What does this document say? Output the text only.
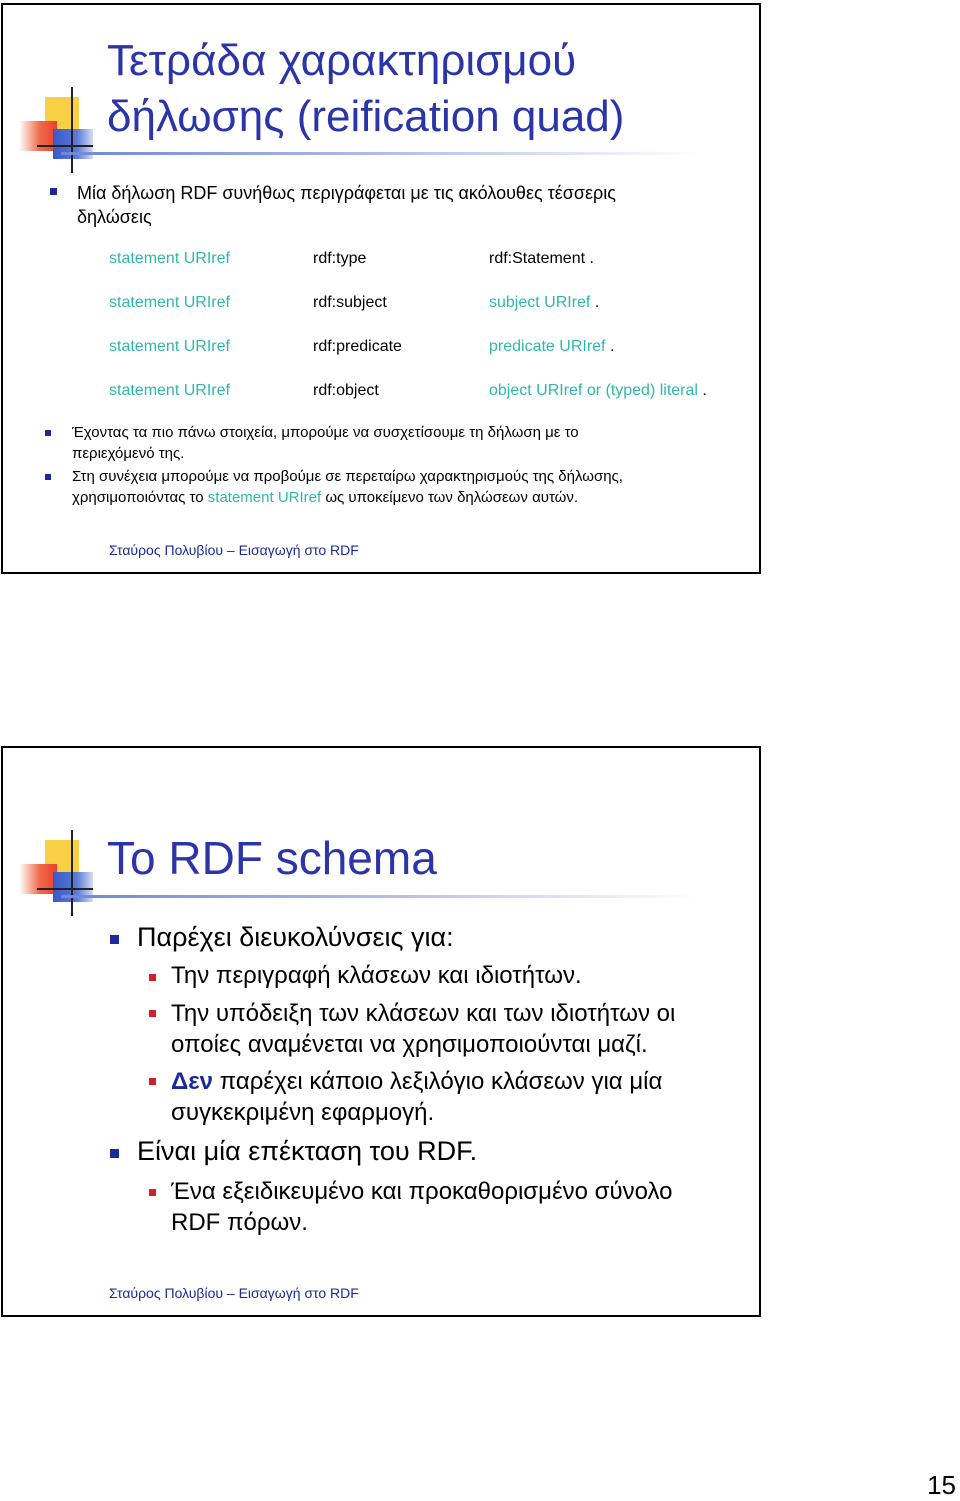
Τετράδα χαρακτηρισμού
δήλωσης (reification quad)
Μία δήλωση RDF συνήθως περιγράφεται με τις ακόλουθες τέσσερις
δηλώσεις
statement URIref	rdf:type	rdf:Statement .
statement URIref	rdf:subject	subject URIref .
statement URIref	rdf:predicate	predicate URIref .
statement URIref	rdf:object	object URIref or (typed) literal .
Έχοντας τα πιο πάνω στοιχεία, μπορούμε να συσχετίσουμε τη δήλωση με το
περιεχόμενό της.
Στη συνέχεια μπορούμε να προβούμε σε περεταίρω χαρακτηρισμούς της δήλωσης,
χρησιμοποιόντας το statement URIref ως υποκείμενο των δηλώσεων αυτών.
Σταύρος Πολυβίου – Εισαγωγή στο RDF
Το RDF schema
Παρέχει διευκολύνσεις για:
Την περιγραφή κλάσεων και ιδιοτήτων.
Την υπόδειξη των κλάσεων και των ιδιοτήτων οι
οποίες αναμένεται να χρησιμοποιούνται μαζί.
Δεν παρέχει κάποιο λεξιλόγιο κλάσεων για μία
συγκεκριμένη εφαρμογή.
Είναι μία επέκταση του RDF.
Ένα εξειδικευμένο και προκαθορισμένο σύνολο
RDF πόρων.
Σταύρος Πολυβίου – Εισαγωγή στο RDF
15
